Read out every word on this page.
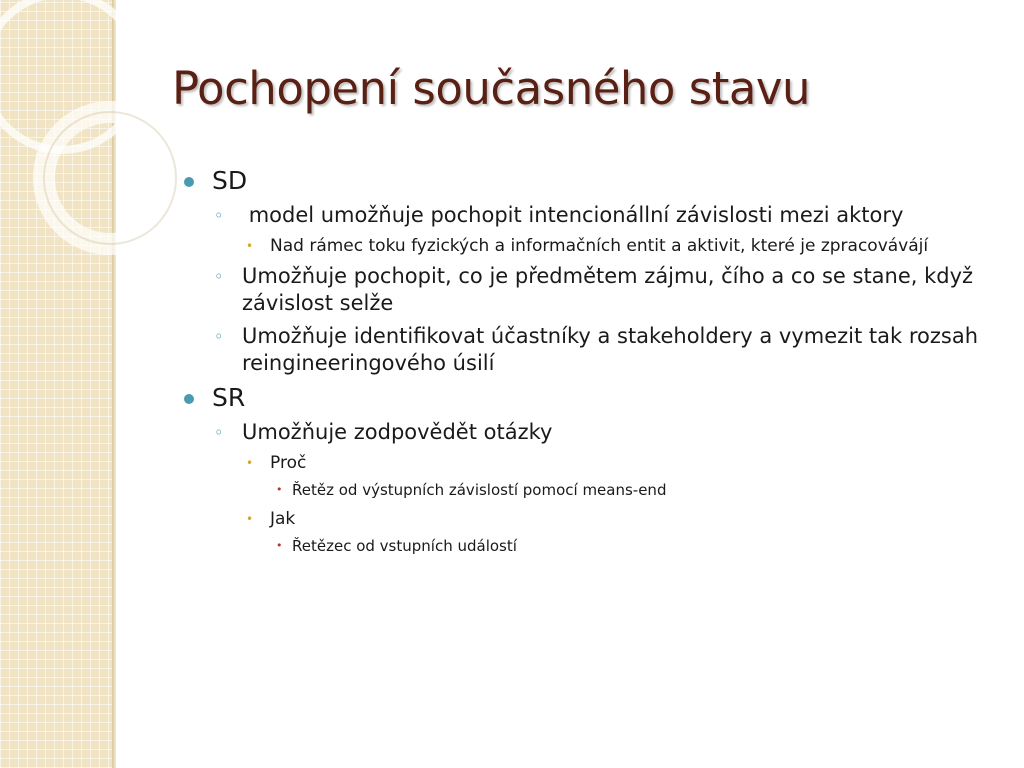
Pochopení současného stavu
SD
◦ model umožňuje pochopit intencionállní závislosti mezi aktory
• Nad rámec toku fyzických a informačních entit a aktivit, které je zpracovávájí
◦ Umožňuje pochopit, co je předmětem zájmu, čího a co se stane, když závislost selže
◦ Umožňuje identifikovat účastníky a stakeholdery a vymezit tak rozsah reingineeringového úsilí
SR
◦ Umožňuje zodpovědět otázky
• Proč
• Řetěz od výstupních závislostí pomocí means-end
• Jak
• Řetězec od vstupních událostí
